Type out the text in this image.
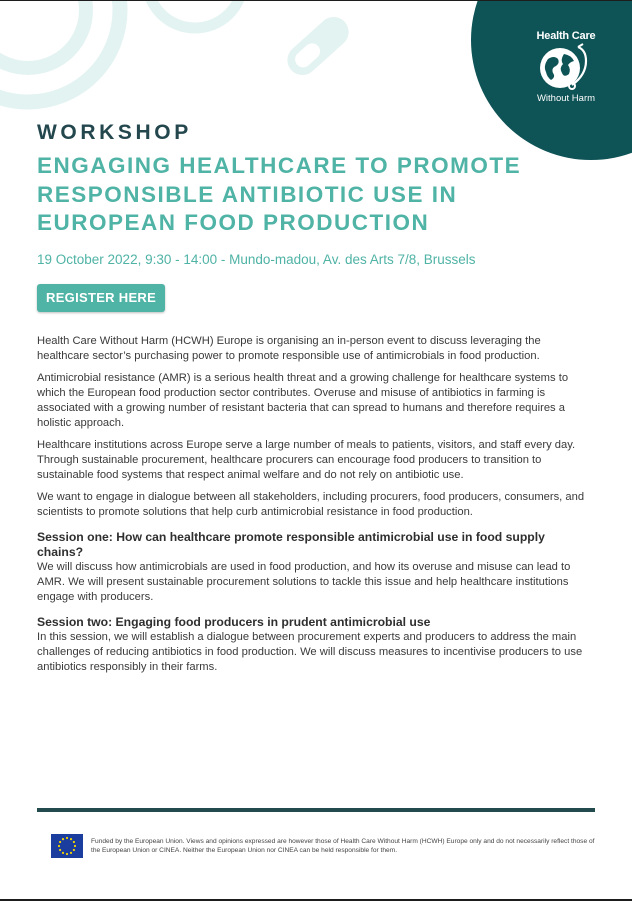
Health Care
Without Harm
WORKSHOP
ENGAGING HEALTHCARE TO PROMOTE
RESPONSIBLE ANTIBIOTIC USE IN
EUROPEAN FOOD PRODUCTION

19 October 2022, 9:30 - 14:00 - Mundo-madou, Av. des Arts 7/8, Brussels

REGISTER HERE

Health Care Without Harm (HCWH) Europe is organising an in-person event to discuss leveraging the healthcare sector’s purchasing power to promote responsible use of antimicrobials in food production.

Antimicrobial resistance (AMR) is a serious health threat and a growing challenge for healthcare systems to which the European food production sector contributes. Overuse and misuse of antibiotics in farming is associated with a growing number of resistant bacteria that can spread to humans and therefore requires a holistic approach.

Healthcare institutions across Europe serve a large number of meals to patients, visitors, and staff every day. Through sustainable procurement, healthcare procurers can encourage food producers to transition to sustainable food systems that respect animal welfare and do not rely on antibiotic use.

We want to engage in dialogue between all stakeholders, including procurers, food producers, consumers, and scientists to promote solutions that help curb antimicrobial resistance in food production.

Session one: How can healthcare promote responsible antimicrobial use in food supply chains?

We will discuss how antimicrobials are used in food production, and how its overuse and misuse can lead to AMR. We will present sustainable procurement solutions to tackle this issue and help healthcare institutions engage with producers.

Session two: Engaging food producers in prudent antimicrobial use

In this session, we will establish a dialogue between procurement experts and producers to address the main challenges of reducing antibiotics in food production. We will discuss measures to incentivise producers to use antibiotics responsibly in their farms.

Funded by the European Union. Views and opinions expressed are however those of Health Care Without Harm (HCWH) Europe only and do not necessarily reflect those of the European Union or CINEA. Neither the European Union nor CINEA can be held responsible for them.
